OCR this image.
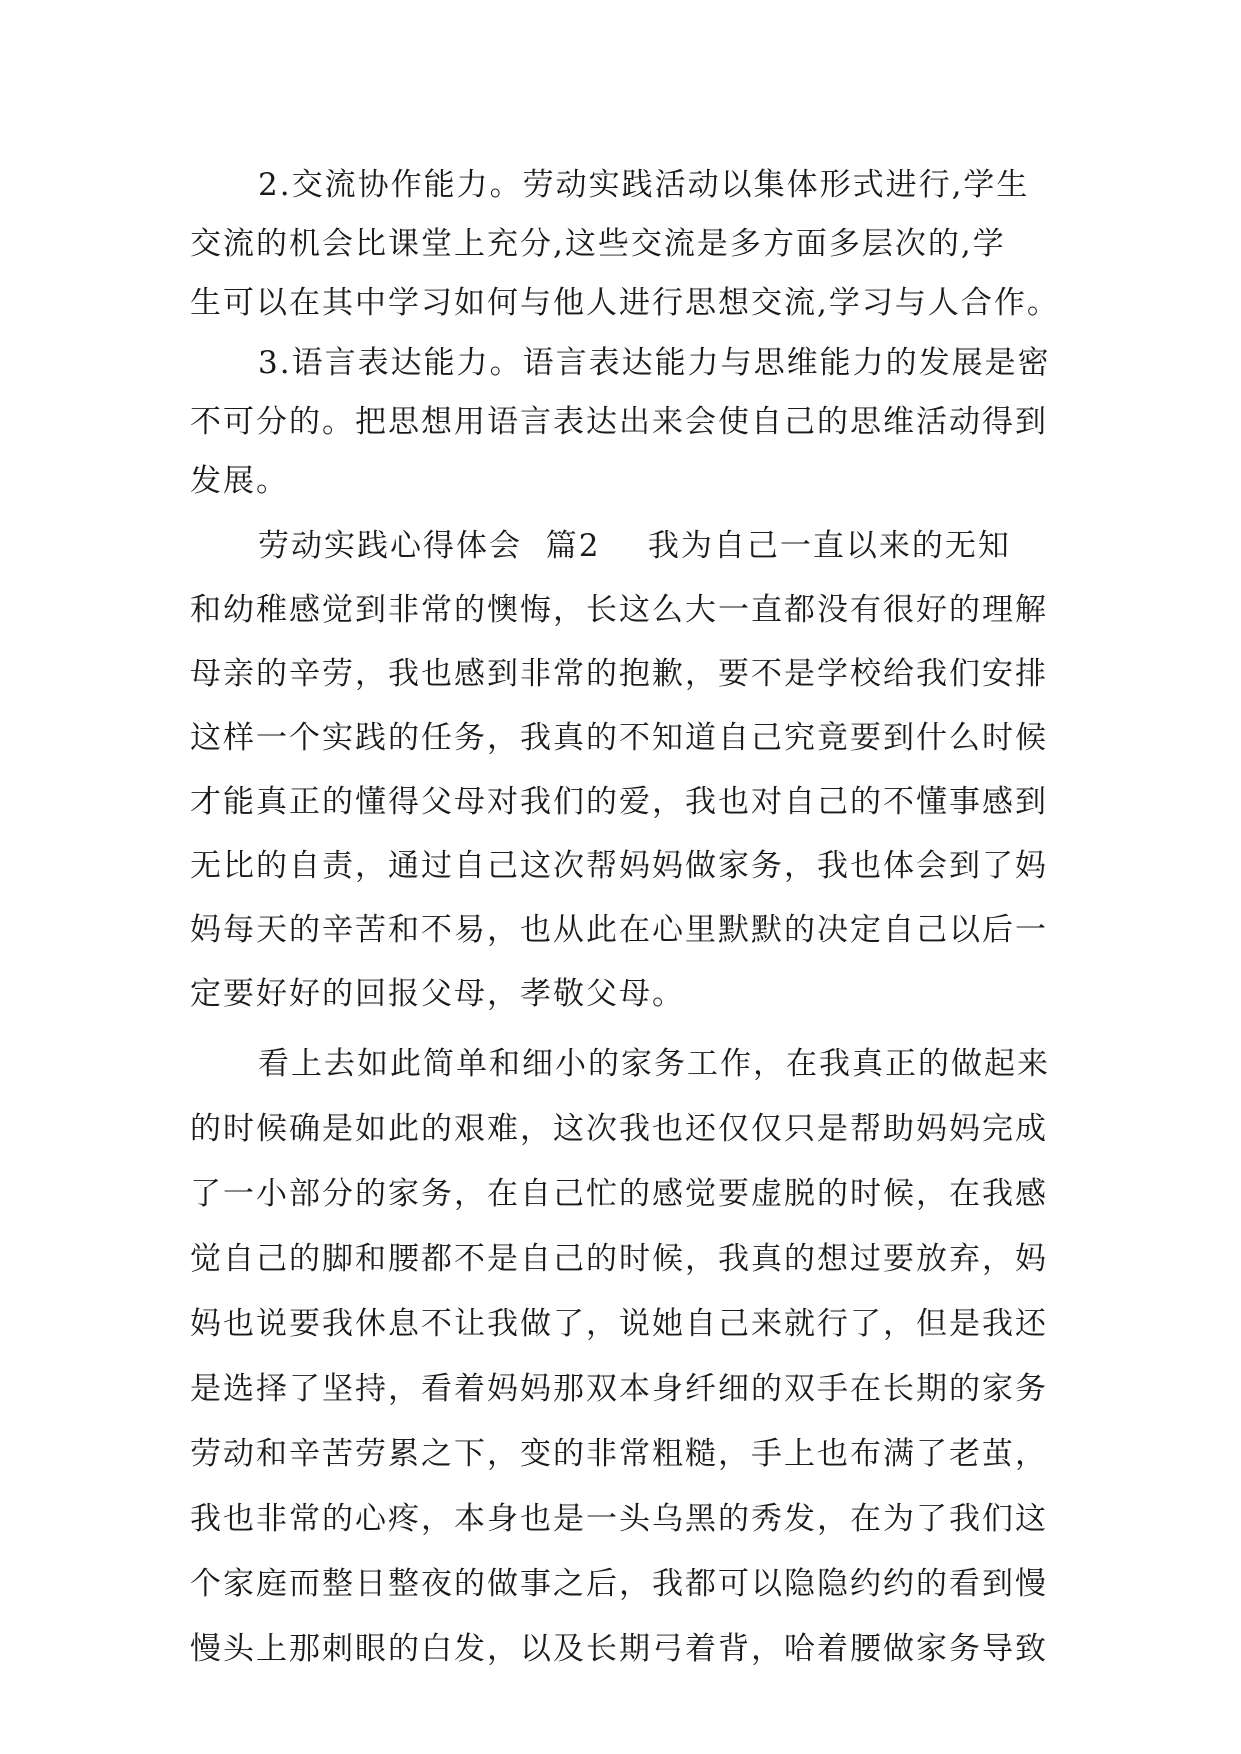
2.交流协作能力。劳动实践活动以集体形式进行,学生
交流的机会比课堂上充分,这些交流是多方面多层次的,学
生可以在其中学习如何与他人进行思想交流,学习与人合作。
3.语言表达能力。语言表达能力与思维能力的发展是密
不可分的。把思想用语言表达出来会使自己的思维活动得到
发展。
劳动实践心得体会  篇2    我为自己一直以来的无知
和幼稚感觉到非常的懊悔，长这么大一直都没有很好的理解
母亲的辛劳，我也感到非常的抱歉，要不是学校给我们安排
这样一个实践的任务，我真的不知道自己究竟要到什么时候
才能真正的懂得父母对我们的爱，我也对自己的不懂事感到
无比的自责，通过自己这次帮妈妈做家务，我也体会到了妈
妈每天的辛苦和不易，也从此在心里默默的决定自己以后一
定要好好的回报父母，孝敬父母。
看上去如此简单和细小的家务工作，在我真正的做起来
的时候确是如此的艰难，这次我也还仅仅只是帮助妈妈完成
了一小部分的家务，在自己忙的感觉要虚脱的时候，在我感
觉自己的脚和腰都不是自己的时候，我真的想过要放弃，妈
妈也说要我休息不让我做了，说她自己来就行了，但是我还
是选择了坚持，看着妈妈那双本身纤细的双手在长期的家务
劳动和辛苦劳累之下，变的非常粗糙，手上也布满了老茧，
我也非常的心疼，本身也是一头乌黑的秀发，在为了我们这
个家庭而整日整夜的做事之后，我都可以隐隐约约的看到慢
慢头上那刺眼的白发，以及长期弓着背，哈着腰做家务导致
